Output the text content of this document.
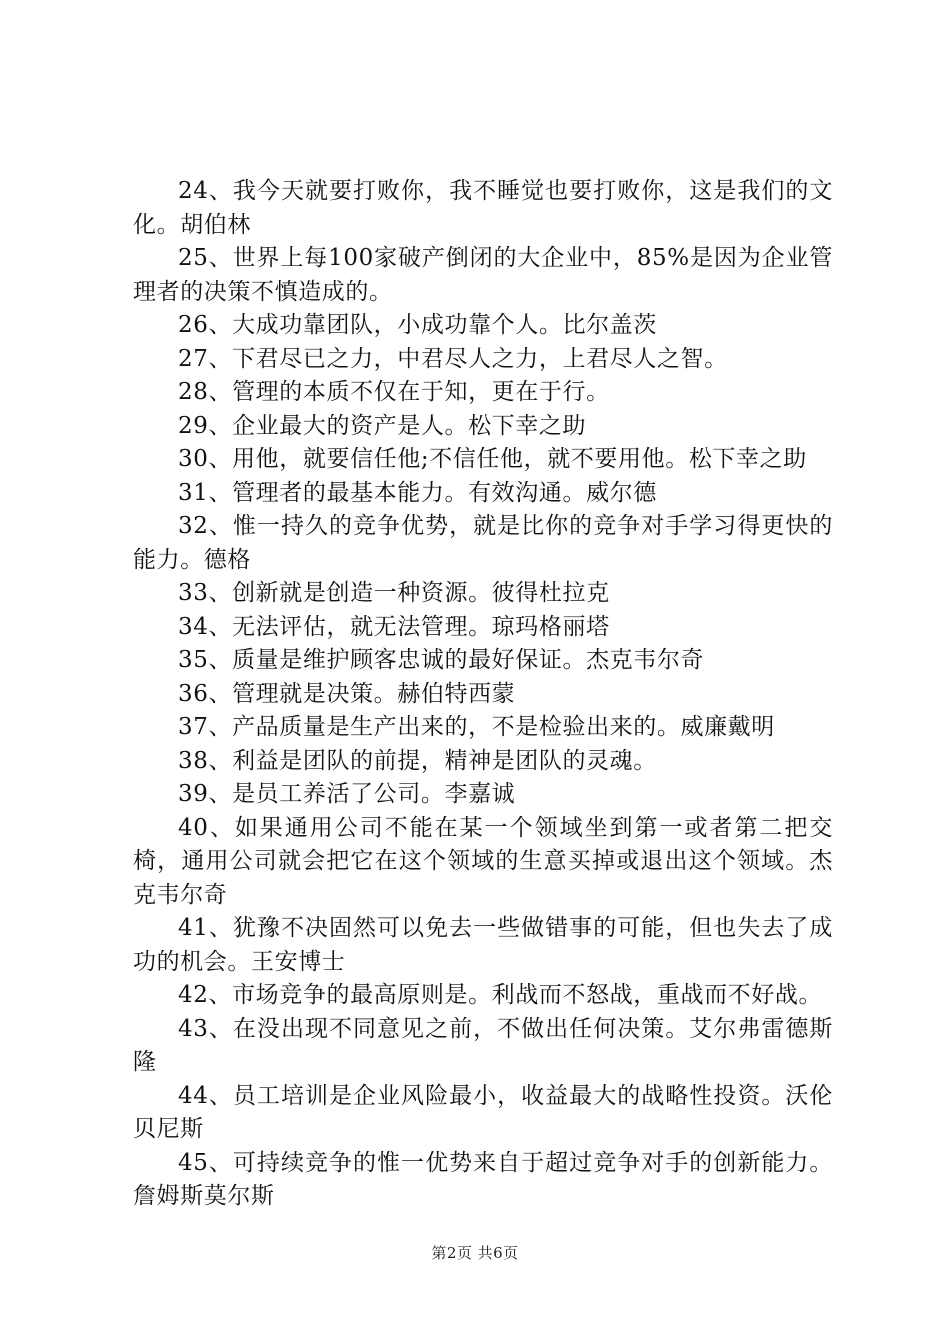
24、我今天就要打败你，我不睡觉也要打败你，这是我们的文化。胡伯林

25、世界上每100家破产倒闭的大企业中，85%是因为企业管理者的决策不慎造成的。

26、大成功靠团队，小成功靠个人。比尔盖茨

27、下君尽已之力，中君尽人之力，上君尽人之智。

28、管理的本质不仅在于知，更在于行。

29、企业最大的资产是人。松下幸之助

30、用他，就要信任他;不信任他，就不要用他。松下幸之助

31、管理者的最基本能力。有效沟通。威尔德

32、惟一持久的竞争优势，就是比你的竞争对手学习得更快的能力。德格

33、创新就是创造一种资源。彼得杜拉克

34、无法评估，就无法管理。琼玛格丽塔

35、质量是维护顾客忠诚的最好保证。杰克韦尔奇

36、管理就是决策。赫伯特西蒙

37、产品质量是生产出来的，不是检验出来的。威廉戴明

38、利益是团队的前提，精神是团队的灵魂。

39、是员工养活了公司。李嘉诚

40、如果通用公司不能在某一个领域坐到第一或者第二把交椅，通用公司就会把它在这个领域的生意买掉或退出这个领域。杰克韦尔奇

41、犹豫不决固然可以免去一些做错事的可能，但也失去了成功的机会。王安博士

42、市场竞争的最高原则是。利战而不怒战，重战而不好战。

43、在没出现不同意见之前，不做出任何决策。艾尔弗雷德斯隆

44、员工培训是企业风险最小，收益最大的战略性投资。沃伦贝尼斯

45、可持续竞争的惟一优势来自于超过竞争对手的创新能力。詹姆斯莫尔斯

第2页 共6页
